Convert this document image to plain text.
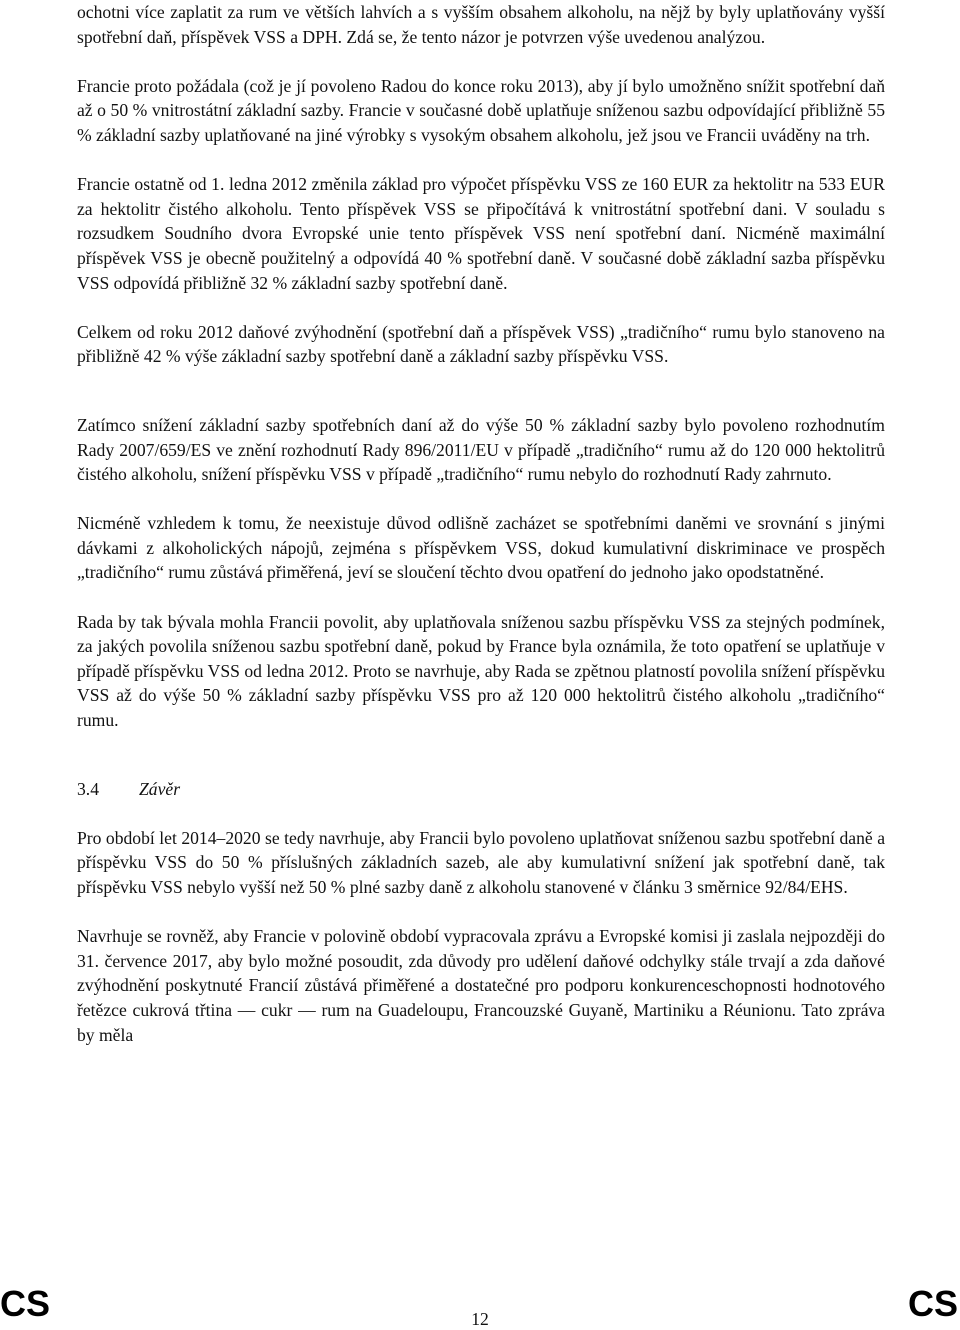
ochotni více zaplatit za rum ve větších lahvích a s vyšším obsahem alkoholu, na nějž by byly uplatňovány vyšší spotřební daň, příspěvek VSS a DPH. Zdá se, že tento názor je potvrzen výše uvedenou analýzou.

Francie proto požádala (což je jí povoleno Radou do konce roku 2013), aby jí bylo umožněno snížit spotřební daň až o 50 % vnitrostátní základní sazby. Francie v současné době uplatňuje sníženou sazbu odpovídající přibližně 55 % základní sazby uplatňované na jiné výrobky s vysokým obsahem alkoholu, jež jsou ve Francii uváděny na trh.

Francie ostatně od 1. ledna 2012 změnila základ pro výpočet příspěvku VSS ze 160 EUR za hektolitr na 533 EUR za hektolitr čistého alkoholu. Tento příspěvek VSS se připočítává k vnitrostátní spotřební dani. V souladu s rozsudkem Soudního dvora Evropské unie tento příspěvek VSS není spotřební daní. Nicméně maximální příspěvek VSS je obecně použitelný a odpovídá 40 % spotřební daně. V současné době základní sazba příspěvku VSS odpovídá přibližně 32 % základní sazby spotřební daně.

Celkem od roku 2012 daňové zvýhodnění (spotřební daň a příspěvek VSS) „tradičního“ rumu bylo stanoveno na přibližně 42 % výše základní sazby spotřební daně a základní sazby příspěvku VSS.

Zatímco snížení základní sazby spotřebních daní až do výše 50 % základní sazby bylo povoleno rozhodnutím Rady 2007/659/ES ve znění rozhodnutí Rady 896/2011/EU v případě „tradičního“ rumu až do 120 000 hektolitrů čistého alkoholu, snížení příspěvku VSS v případě „tradičního“ rumu nebylo do rozhodnutí Rady zahrnuto.

Nicméně vzhledem k tomu, že neexistuje důvod odlišně zacházet se spotřebními daněmi ve srovnání s jinými dávkami z alkoholických nápojů, zejména s příspěvkem VSS, dokud kumulativní diskriminace ve prospěch „tradičního“ rumu zůstává přiměřená, jeví se sloučení těchto dvou opatření do jednoho jako opodstatněné.

Rada by tak bývala mohla Francii povolit, aby uplatňovala sníženou sazbu příspěvku VSS za stejných podmínek, za jakých povolila sníženou sazbu spotřební daně, pokud by France byla oznámila, že toto opatření se uplatňuje v případě příspěvku VSS od ledna 2012. Proto se navrhuje, aby Rada se zpětnou platností povolila snížení příspěvku VSS až do výše 50 % základní sazby příspěvku VSS pro až 120 000 hektolitrů čistého alkoholu „tradičního“ rumu.

3.4 Závěr

Pro období let 2014–2020 se tedy navrhuje, aby Francii bylo povoleno uplatňovat sníženou sazbu spotřební daně a příspěvku VSS do 50 % příslušných základních sazeb, ale aby kumulativní snížení jak spotřební daně, tak příspěvku VSS nebylo vyšší než 50 % plné sazby daně z alkoholu stanovené v článku 3 směrnice 92/84/EHS.

Navrhuje se rovněž, aby Francie v polovině období vypracovala zprávu a Evropské komisi ji zaslala nejpozději do 31. července 2017, aby bylo možné posoudit, zda důvody pro udělení daňové odchylky stále trvají a zda daňové zvýhodnění poskytnuté Francií zůstává přiměřené a dostatečné pro podporu konkurenceschopnosti hodnotového řetězce cukrová třtina — cukr — rum na Guadeloupu, Francouzské Guyaně, Martiniku a Réunionu. Tato zpráva by měla

CS	12	CS
